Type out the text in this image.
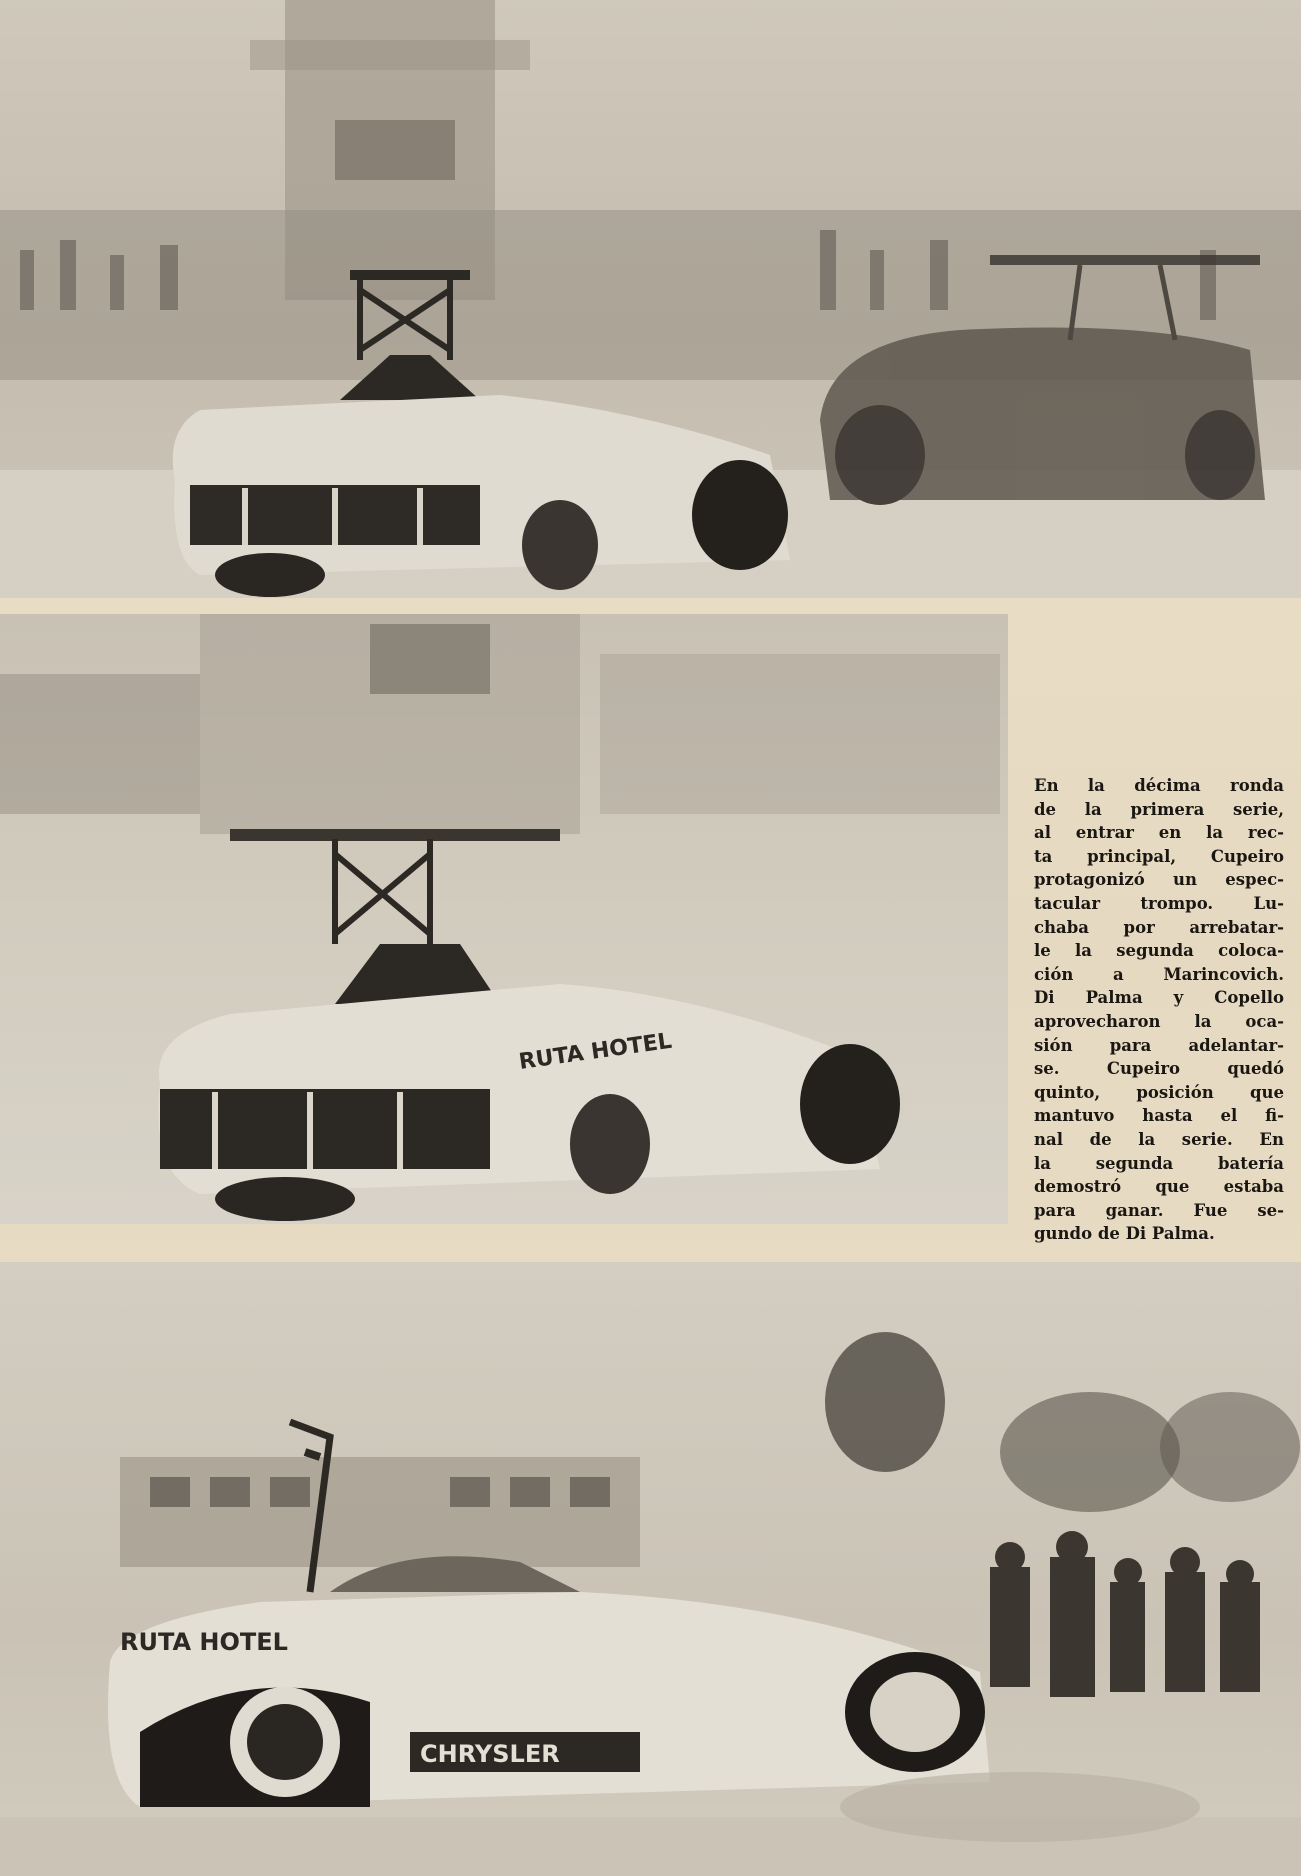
RUTA HOTEL
En la décima ronda
de la primera serie,
al entrar en la rec-
ta principal, Cupeiro
protagonizó un espec-
tacular trompo. Lu-
chaba por arrebatar-
le la segunda coloca-
ción a Marincovich.
Di Palma y Copello
aprovecharon la oca-
sión para adelantar-
se. Cupeiro quedó
quinto, posición que
mantuvo hasta el fi-
nal de la serie. En
la segunda batería
demostró que estaba
para ganar. Fue se-
gundo de Di Palma.
RUTA HOTEL
CHRYSLER
